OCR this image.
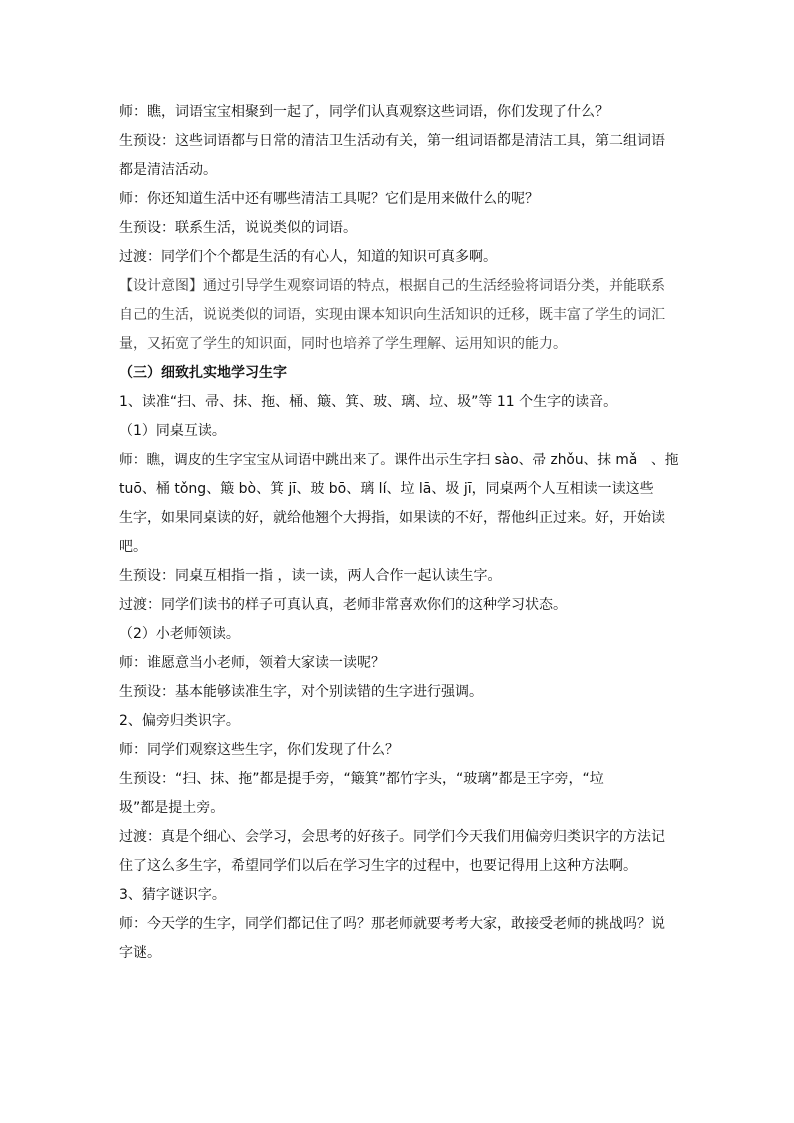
师：瞧，词语宝宝相聚到一起了，同学们认真观察这些词语，你们发现了什么？
生预设：这些词语都与日常的清洁卫生活动有关，第一组词语都是清洁工具，第二组词语
都是清洁活动。
师：你还知道生活中还有哪些清洁工具呢？它们是用来做什么的呢？
生预设：联系生活，说说类似的词语。
过渡：同学们个个都是生活的有心人，知道的知识可真多啊。
【设计意图】通过引导学生观察词语的特点，根据自己的生活经验将词语分类，并能联系
自己的生活，说说类似的词语，实现由课本知识向生活知识的迁移，既丰富了学生的词汇
量，又拓宽了学生的知识面，同时也培养了学生理解、运用知识的能力。
（三）细致扎实地学习生字
1、读准“扫、帚、抹、拖、桶、簸、箕、玻、璃、垃、圾”等 11 个生字的读音。
（1）同桌互读。
师：瞧，调皮的生字宝宝从词语中跳出来了。课件出示生字扫 sào、帚 zhǒu、抹 mǎ　、拖
tuō、桶 tǒng、簸 bò、箕 jī、玻 bō、璃 lí、垃 lā、圾 jī，同桌两个人互相读一读这些
生字，如果同桌读的好，就给他翘个大拇指，如果读的不好，帮他纠正过来。好，开始读
吧。
生预设：同桌互相指一指 ，读一读，两人合作一起认读生字。
过渡：同学们读书的样子可真认真，老师非常喜欢你们的这种学习状态。
（2）小老师领读。
师：谁愿意当小老师，领着大家读一读呢？
生预设：基本能够读准生字，对个别读错的生字进行强调。
2、偏旁归类识字。
师：同学们观察这些生字，你们发现了什么？
生预设：“扫、抹、拖”都是提手旁，“簸箕”都竹字头，“玻璃”都是王字旁，“垃
圾”都是提土旁。
过渡：真是个细心、会学习，会思考的好孩子。同学们今天我们用偏旁归类识字的方法记
住了这么多生字，希望同学们以后在学习生字的过程中，也要记得用上这种方法啊。
3、猜字谜识字。
师：今天学的生字，同学们都记住了吗？那老师就要考考大家，敢接受老师的挑战吗？说
字谜。
